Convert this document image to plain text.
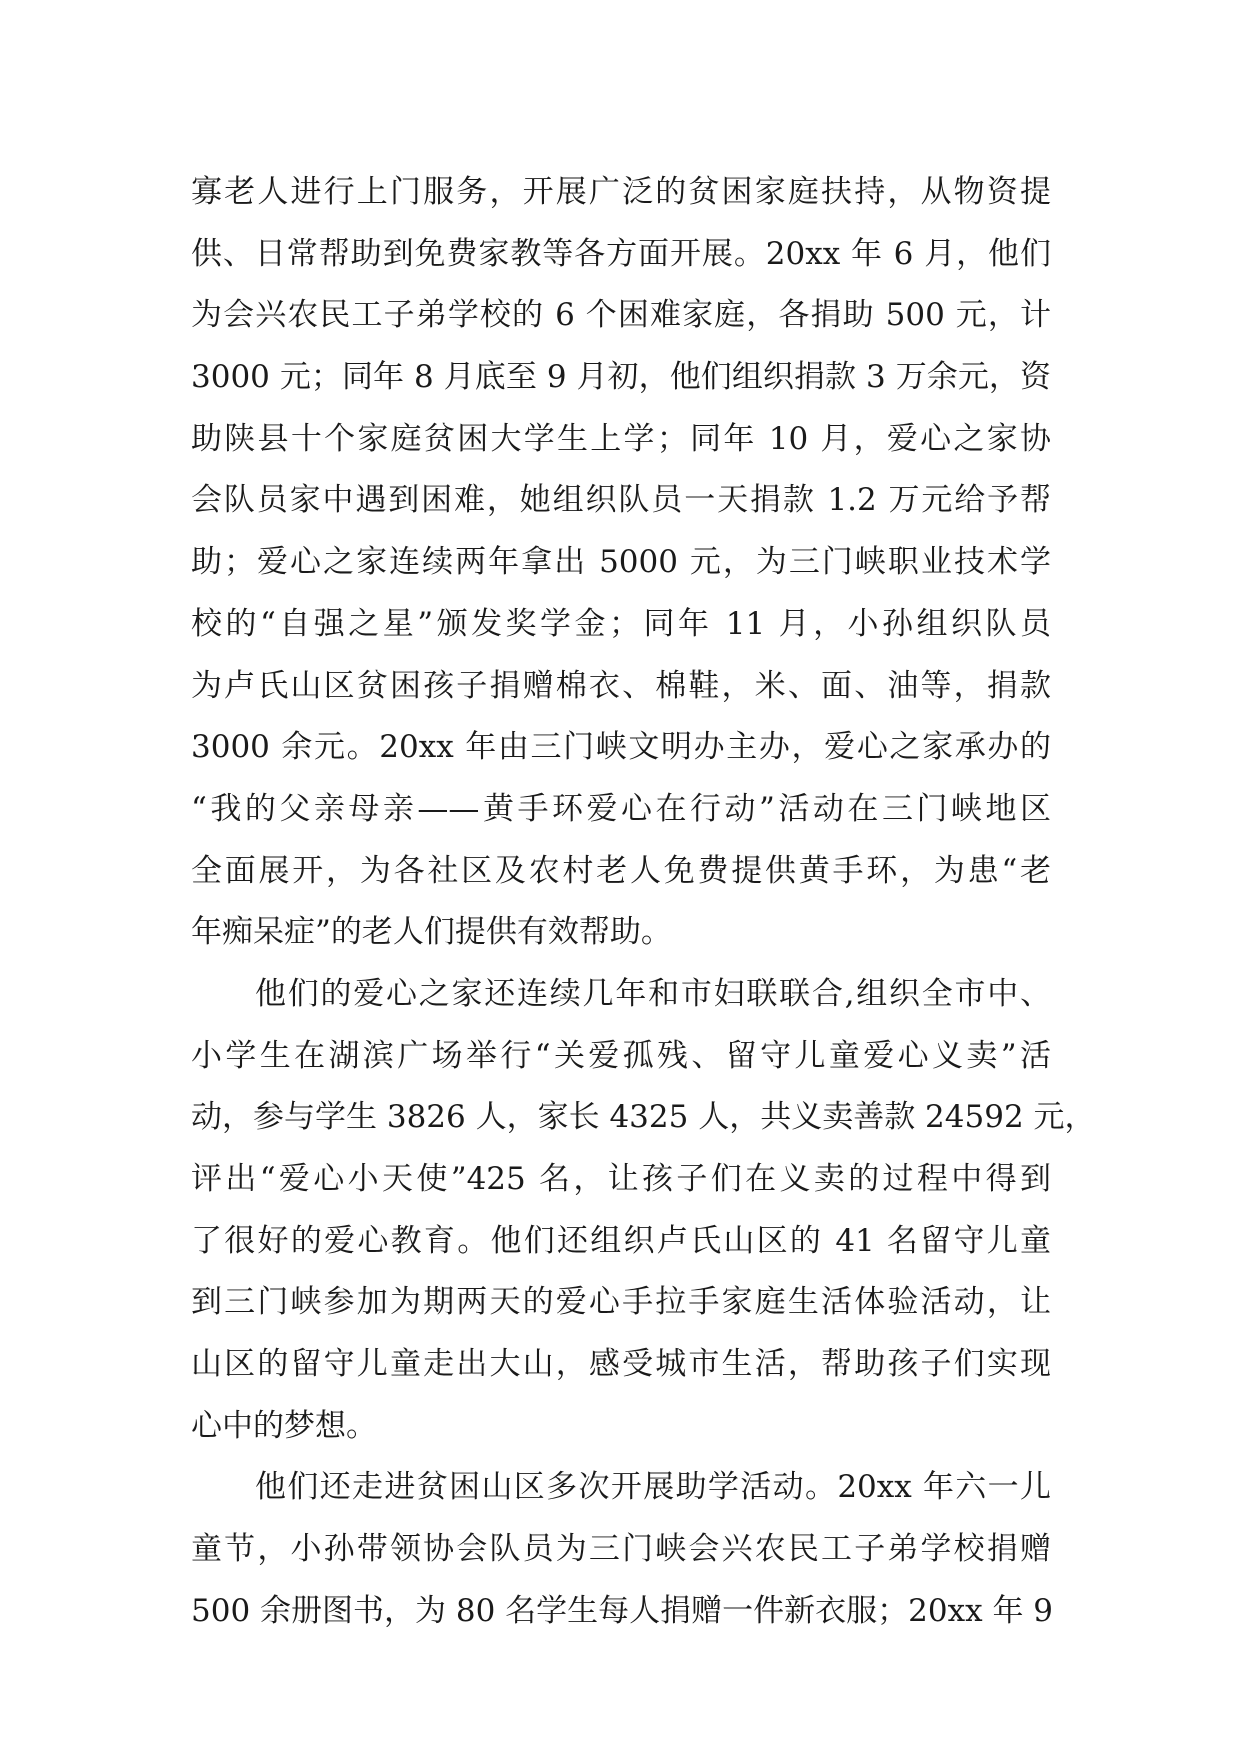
寡老人进行上门服务，开展广泛的贫困家庭扶持，从物资提
供、日常帮助到免费家教等各方面开展。20xx 年 6 月，他们
为会兴农民工子弟学校的 6 个困难家庭，各捐助 500 元，计
3000 元；同年 8 月底至 9 月初，他们组织捐款 3 万余元，资
助陕县十个家庭贫困大学生上学；同年 10 月，爱心之家协
会队员家中遇到困难，她组织队员一天捐款 1.2 万元给予帮
助；爱心之家连续两年拿出 5000 元，为三门峡职业技术学
校的“自强之星”颁发奖学金；同年 11 月，小孙组织队员
为卢氏山区贫困孩子捐赠棉衣、棉鞋，米、面、油等，捐款
3000 余元。20xx 年由三门峡文明办主办，爱心之家承办的
“我的父亲母亲——黄手环爱心在行动”活动在三门峡地区
全面展开，为各社区及农村老人免费提供黄手环，为患“老
年痴呆症”的老人们提供有效帮助。
他们的爱心之家还连续几年和市妇联联合,组织全市中、
小学生在湖滨广场举行“关爱孤残、留守儿童爱心义卖”活
动，参与学生 3826 人，家长 4325 人，共义卖善款 24592 元，
评出“爱心小天使”425 名，让孩子们在义卖的过程中得到
了很好的爱心教育。他们还组织卢氏山区的 41 名留守儿童
到三门峡参加为期两天的爱心手拉手家庭生活体验活动，让
山区的留守儿童走出大山，感受城市生活，帮助孩子们实现
心中的梦想。
他们还走进贫困山区多次开展助学活动。20xx 年六一儿
童节，小孙带领协会队员为三门峡会兴农民工子弟学校捐赠
500 余册图书，为 80 名学生每人捐赠一件新衣服；20xx 年 9
